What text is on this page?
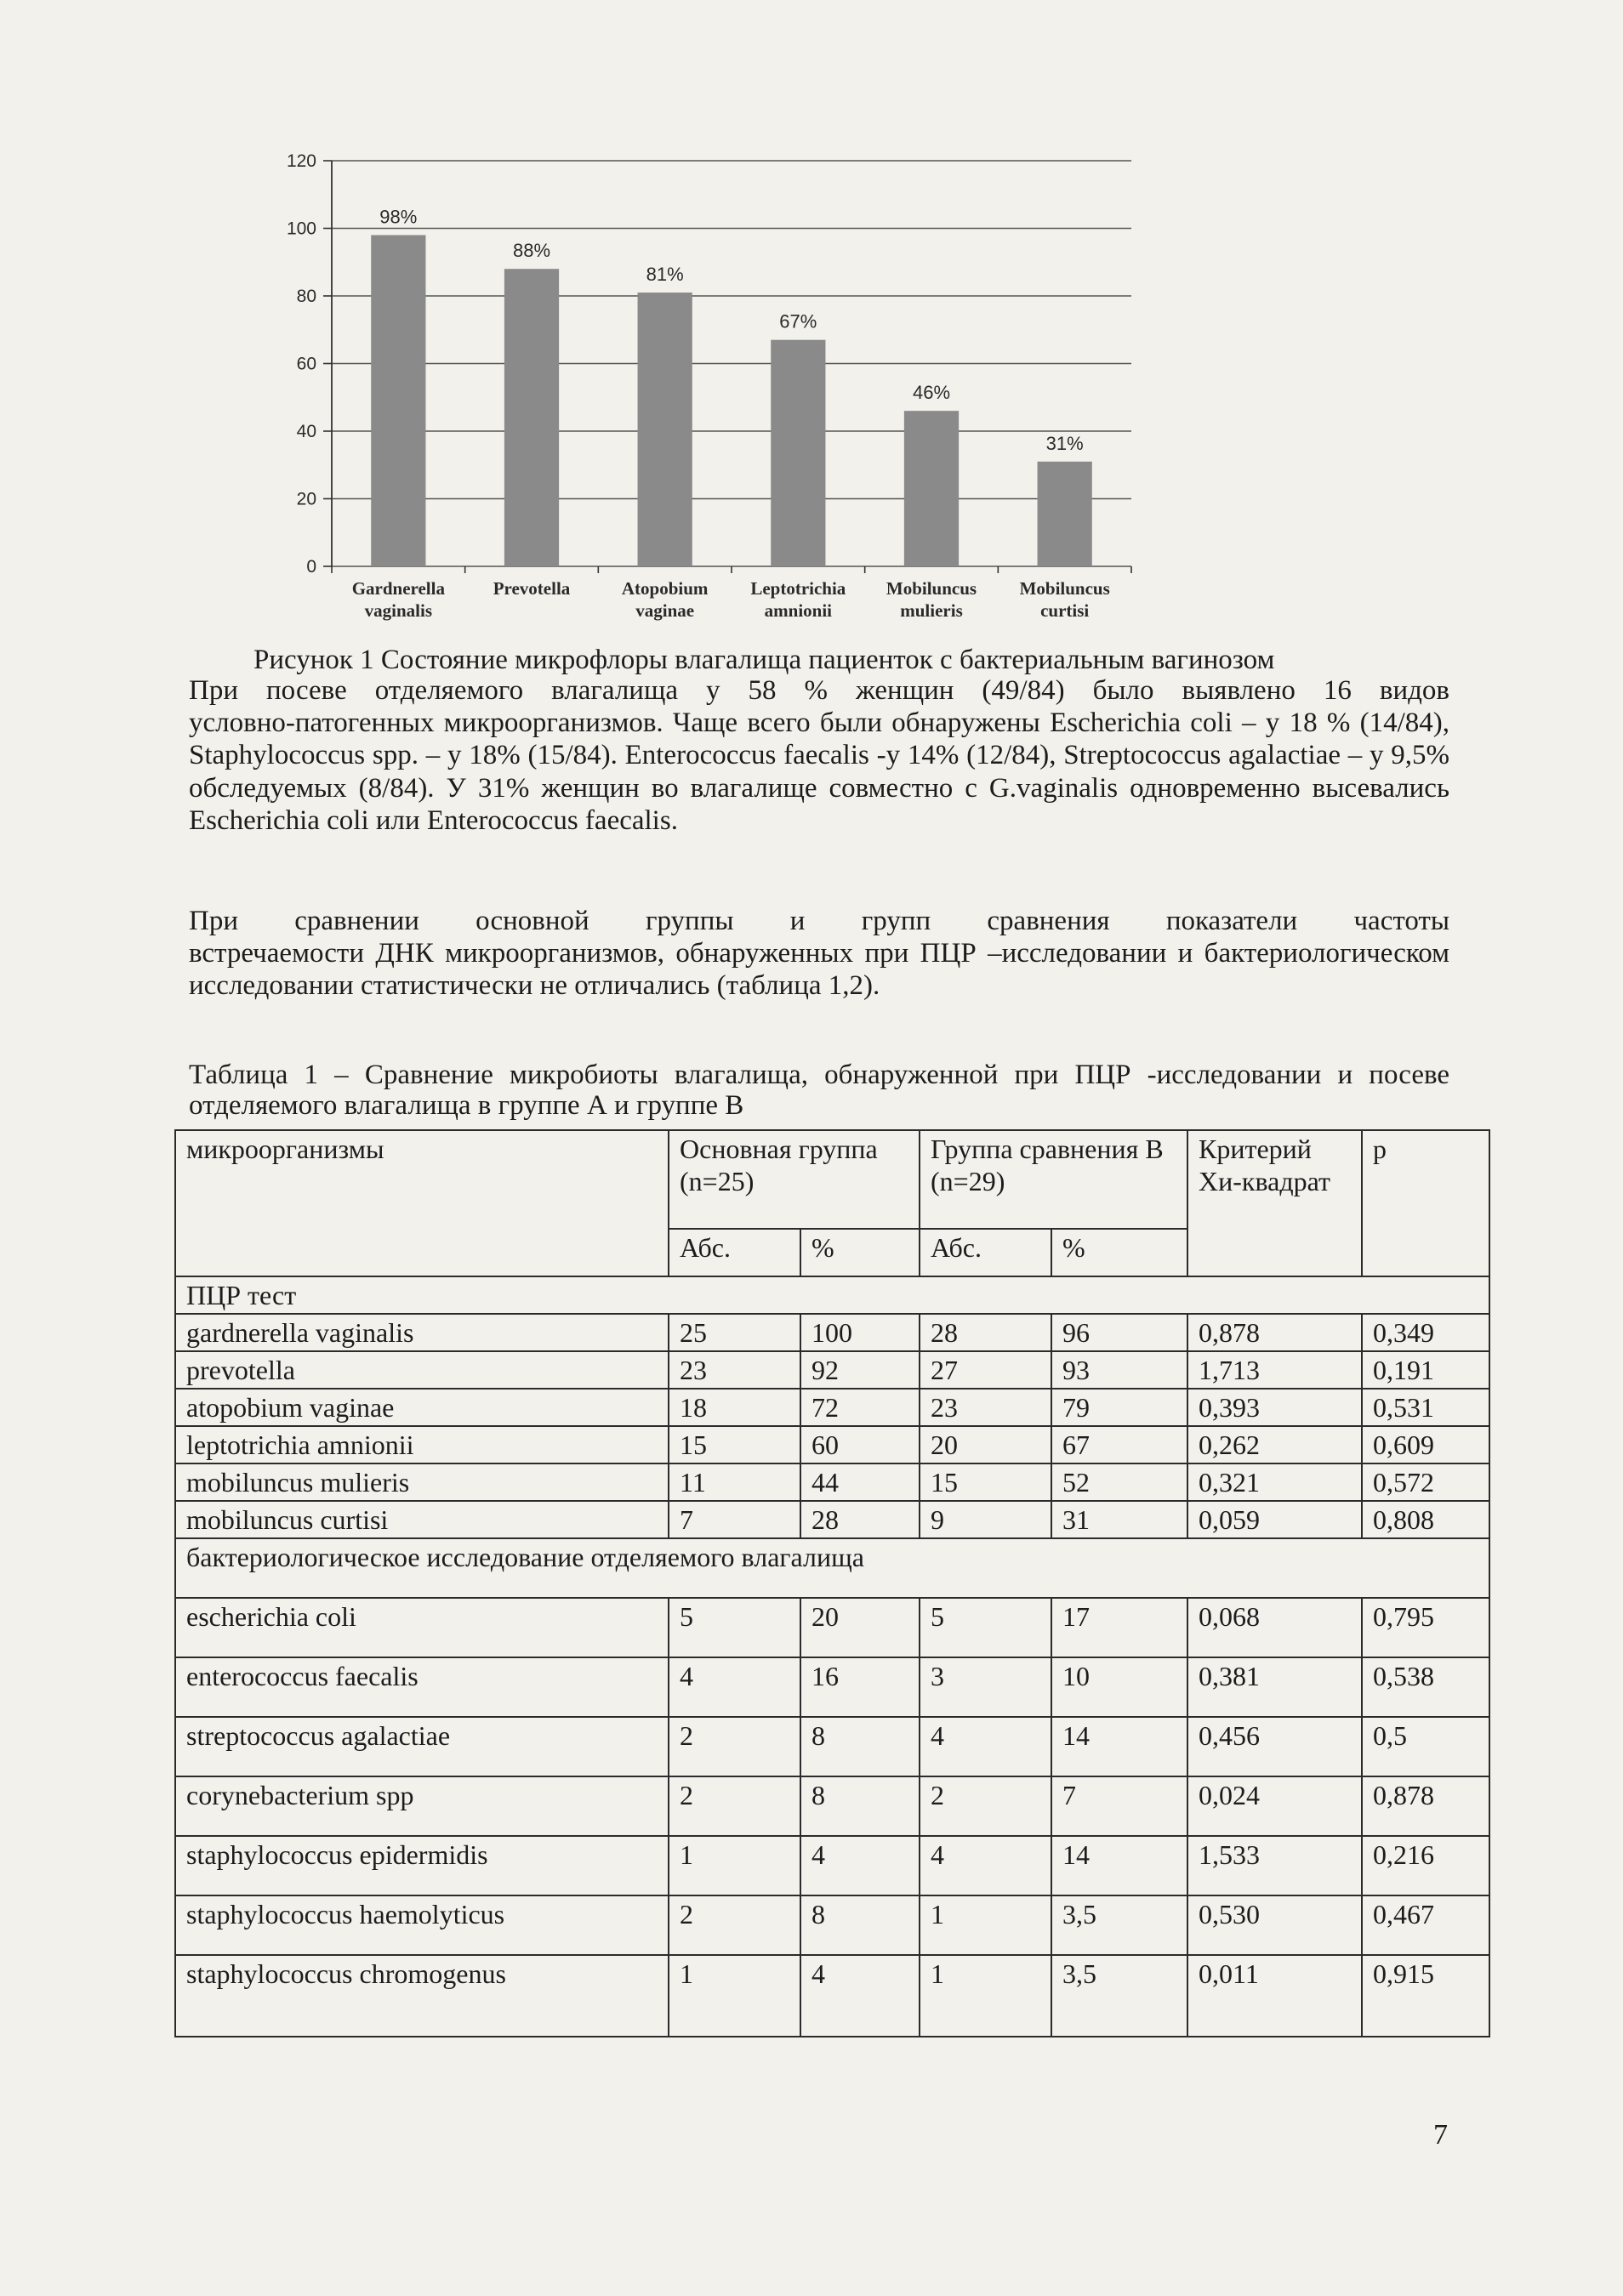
0
20
40
60
80
100
120
98%
Gardnerella
vaginalis
88%
Prevotella
81%
Atopobium
vaginae
67%
Leptotrichia
amnionii
46%
Mobiluncus
mulieris
31%
Mobiluncus
curtisi
Рисунок 1 Состояние микрофлоры влагалища пациенток с бактериальным вагинозом

При посеве отделяемого влагалища у 58 % женщин (49/84) было выявлено 16 видов
условно-патогенных микроорганизмов. Чаще всего были обнаружены Escherichia coli – у 18 % (14/84), Staphylococcus spp. – у 18% (15/84). Enterococcus faecalis -у 14% (12/84), Streptococcus agalactiae – у 9,5% обследуемых (8/84). У 31% женщин во влагалище совместно с G.vaginalis одновременно высевались Escherichia coli или Enterococcus faecalis.

При сравнении основной группы и групп сравнения показатели частоты
встречаемости ДНК микроорганизмов, обнаруженных при ПЦР –исследовании и бактериологическом исследовании статистически не отличались (таблица 1,2).

Таблица 1 – Сравнение микробиоты влагалища, обнаруженной при ПЦР -исследовании и посеве отделяемого влагалища в группе А и группе В

микроорганизмы	Основная группа (n=25)		Группа сравнения В (n=29)		Критерий Хи-квадрат	p
	Абс.	%	Абс.	%		
ПЦР тест						
gardnerella vaginalis	25	100	28	96	0,878	0,349
prevotella	23	92	27	93	1,713	0,191
atopobium vaginae	18	72	23	79	0,393	0,531
leptotrichia amnionii	15	60	20	67	0,262	0,609
mobiluncus mulieris	11	44	15	52	0,321	0,572
mobiluncus curtisi	7	28	9	31	0,059	0,808
бактериологическое исследование отделяемого влагалища						
escherichia coli	5	20	5	17	0,068	0,795
enterococcus faecalis	4	16	3	10	0,381	0,538
streptococcus agalactiae	2	8	4	14	0,456	0,5
corynebacterium spp	2	8	2	7	0,024	0,878
staphylococcus epidermidis	1	4	4	14	1,533	0,216
staphylococcus haemolyticus	2	8	1	3,5	0,530	0,467
staphylococcus chromogenus	1	4	1	3,5	0,011	0,915
7
